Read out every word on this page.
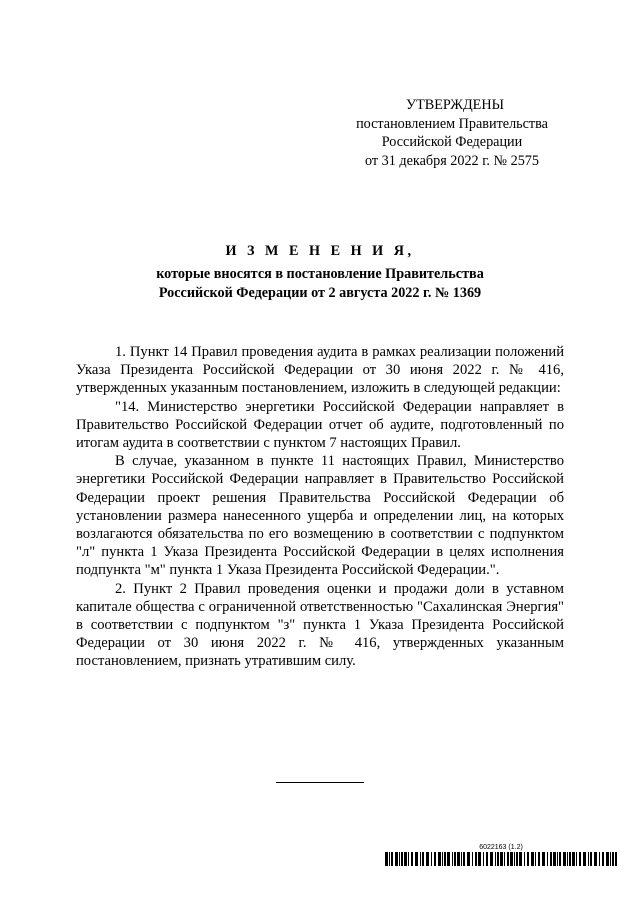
УТВЕРЖДЕНЫ
постановлением Правительства
Российской Федерации
от 31 декабря 2022 г. № 2575
И З М Е Н Е Н И Я,
которые вносятся в постановление Правительства
Российской Федерации от 2 августа 2022 г. № 1369

1. Пункт 14 Правил проведения аудита в рамках реализации положений Указа Президента Российской Федерации от 30 июня 2022 г. № 416, утвержденных указанным постановлением, изложить в следующей редакции:

"14. Министерство энергетики Российской Федерации направляет в Правительство Российской Федерации отчет об аудите, подготовленный по итогам аудита в соответствии с пунктом 7 настоящих Правил.

В случае, указанном в пункте 11 настоящих Правил, Министерство энергетики Российской Федерации направляет в Правительство Российской Федерации проект решения Правительства Российской Федерации об установлении размера нанесенного ущерба и определении лиц, на которых возлагаются обязательства по его возмещению в соответствии с подпунктом "л" пункта 1 Указа Президента Российской Федерации в целях исполнения подпункта "м" пункта 1 Указа Президента Российской Федерации.".

2. Пункт 2 Правил проведения оценки и продажи доли в уставном капитале общества с ограниченной ответственностью "Сахалинская Энергия" в соответствии с подпунктом "з" пункта 1 Указа Президента Российской Федерации от 30 июня 2022 г. № 416, утвержденных указанным постановлением, признать утратившим силу.

6022163 (1.2)
